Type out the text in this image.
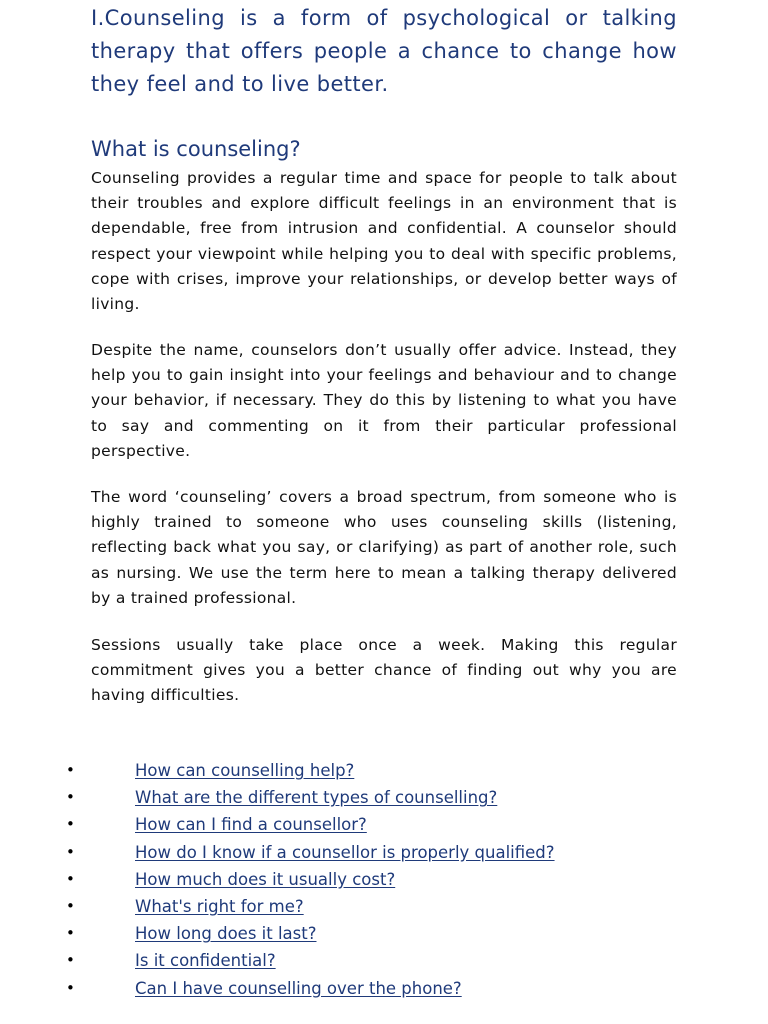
I.Counseling is a form of psychological or talking therapy that offers people a chance to change how they feel and to live better.

What is counseling?

Counseling provides a regular time and space for people to talk about their troubles and explore difficult feelings in an environment that is dependable, free from intrusion and confidential. A counselor should respect your viewpoint while helping you to deal with specific problems, cope with crises, improve your relationships, or develop better ways of living.

Despite the name, counselors don’t usually offer advice. Instead, they help you to gain insight into your feelings and behaviour and to change your behavior, if necessary. They do this by listening to what you have to say and commenting on it from their particular professional perspective.

The word ‘counseling’ covers a broad spectrum, from someone who is highly trained to someone who uses counseling skills (listening, reflecting back what you say, or clarifying) as part of another role, such as nursing. We use the term here to mean a talking therapy delivered by a trained professional.

Sessions usually take place once a week. Making this regular commitment gives you a better chance of finding out why you are having difficulties.

•	How can counselling help?
•	What are the different types of counselling?
•	How can I find a counsellor?
•	How do I know if a counsellor is properly qualified?
•	How much does it usually cost?
•	What's right for me?
•	How long does it last?
•	Is it confidential?
•	Can I have counselling over the phone?
